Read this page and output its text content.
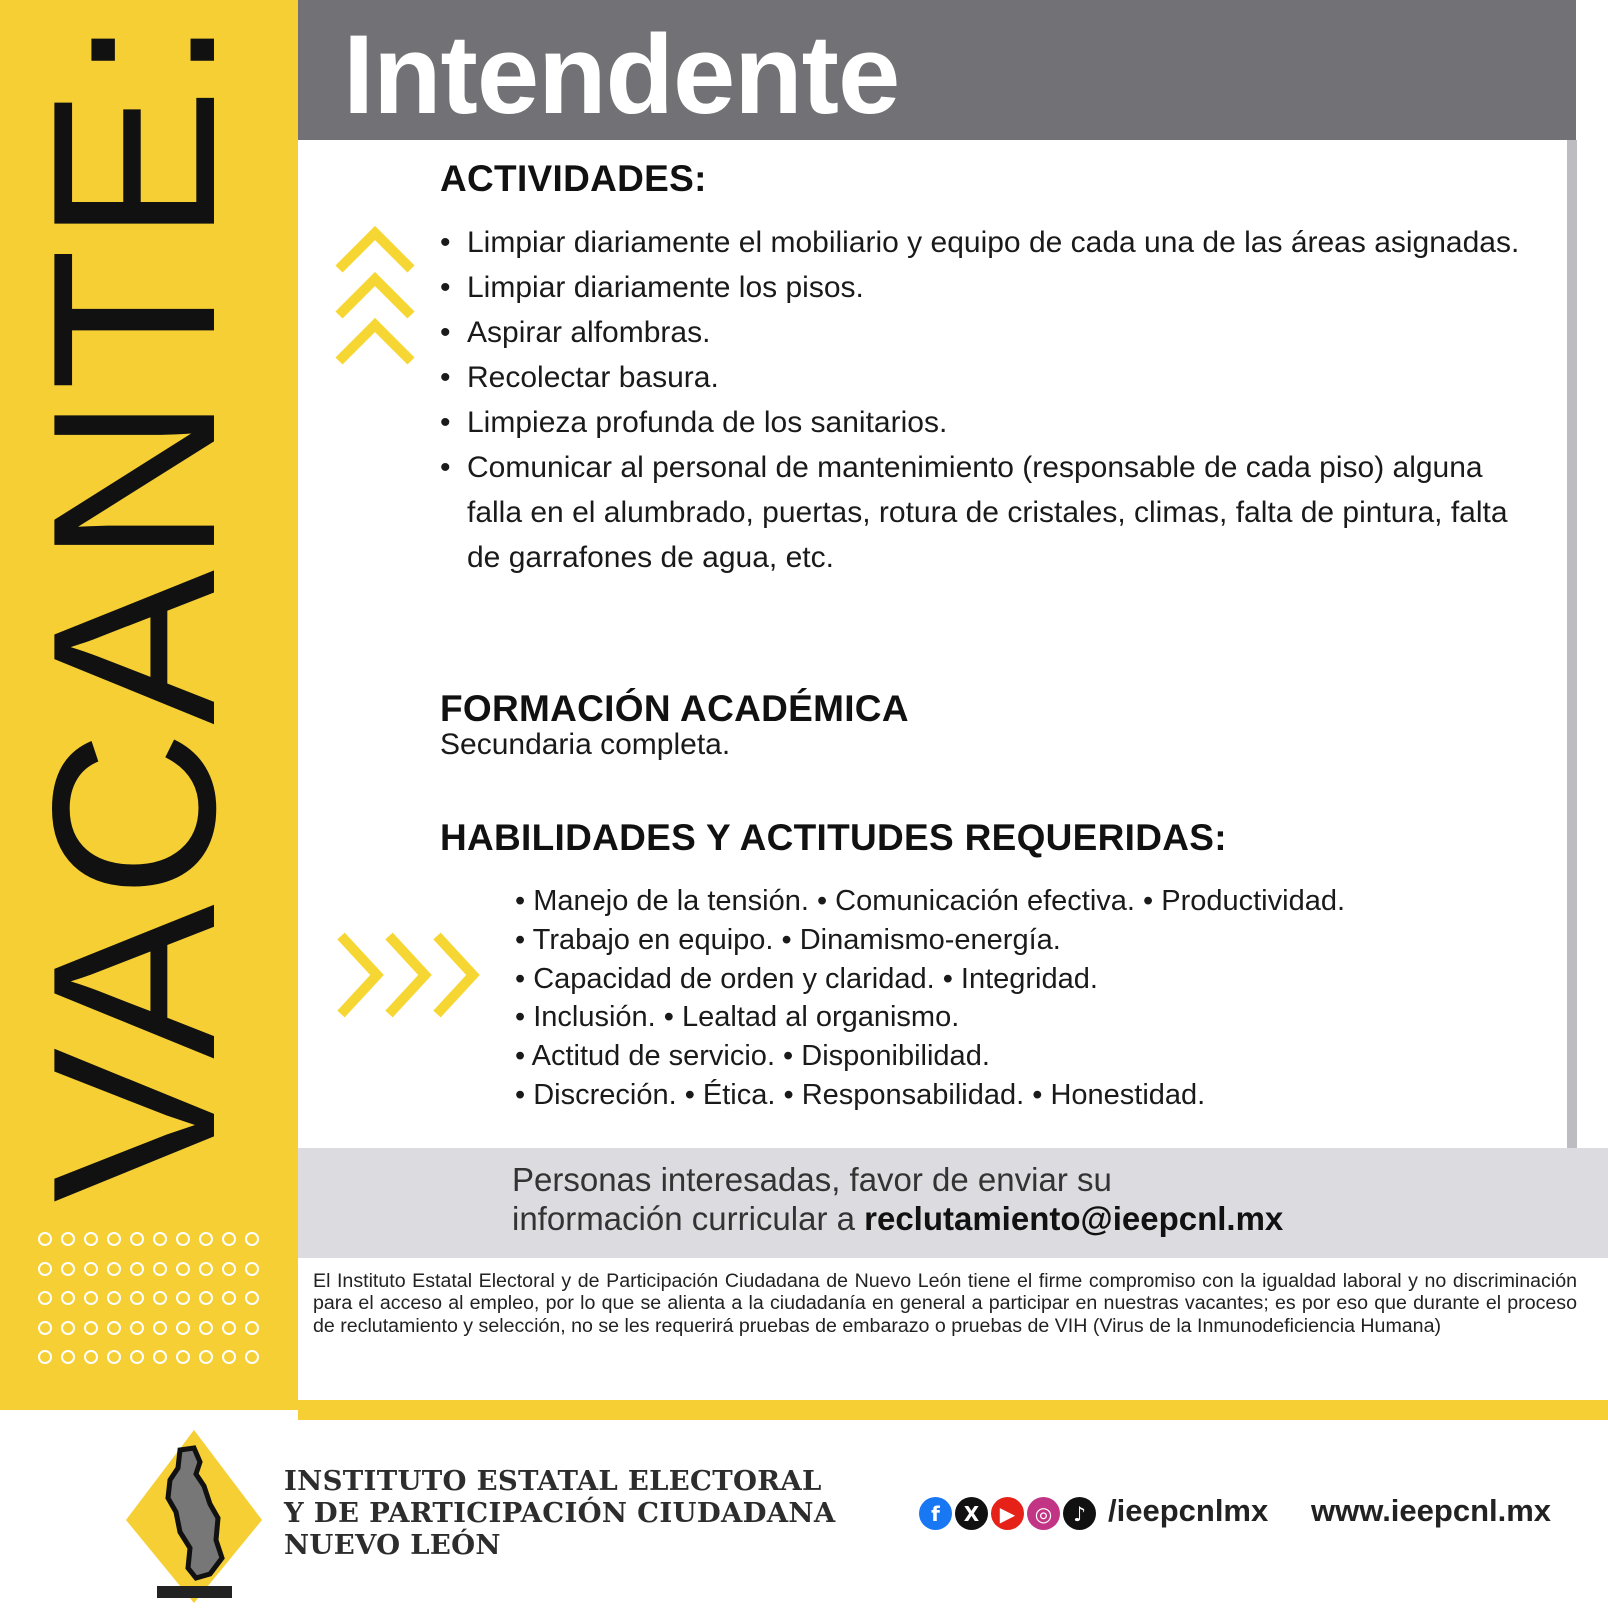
VACANTE: Intendente
ACTIVIDADES:
• Limpiar diariamente el mobiliario y equipo de cada una de las áreas asignadas.
• Limpiar diariamente los pisos.
• Aspirar alfombras.
• Recolectar basura.
• Limpieza profunda de los sanitarios.
• Comunicar al personal de mantenimiento (responsable de cada piso) alguna falla en el alumbrado, puertas, rotura de cristales, climas, falta de pintura, falta de garrafones de agua, etc.
FORMACIÓN ACADÉMICA
Secundaria completa.
HABILIDADES Y ACTITUDES REQUERIDAS:
• Manejo de la tensión. • Comunicación efectiva. • Productividad.
• Trabajo en equipo. • Dinamismo-energía.
• Capacidad de orden y claridad. • Integridad.
• Inclusión. • Lealtad al organismo.
• Actitud de servicio. • Disponibilidad.
• Discreción. • Ética. • Responsabilidad. • Honestidad.
Personas interesadas, favor de enviar su
información curricular a reclutamiento@ieepcnl.mx
El Instituto Estatal Electoral y de Participación Ciudadana de Nuevo León tiene el firme compromiso con la igualdad laboral y no discriminación para el acceso al empleo, por lo que se alienta a la ciudadanía en general a participar en nuestras vacantes; es por eso que durante el proceso de reclutamiento y selección, no se les requerirá pruebas de embarazo o pruebas de VIH (Virus de la Inmunodeficiencia Humana)
INSTITUTO ESTATAL ELECTORAL
Y DE PARTICIPACIÓN CIUDADANA
NUEVO LEÓN
f	X	▶ ◎	♪ /ieepcnlmx www.ieepcnl.mx
